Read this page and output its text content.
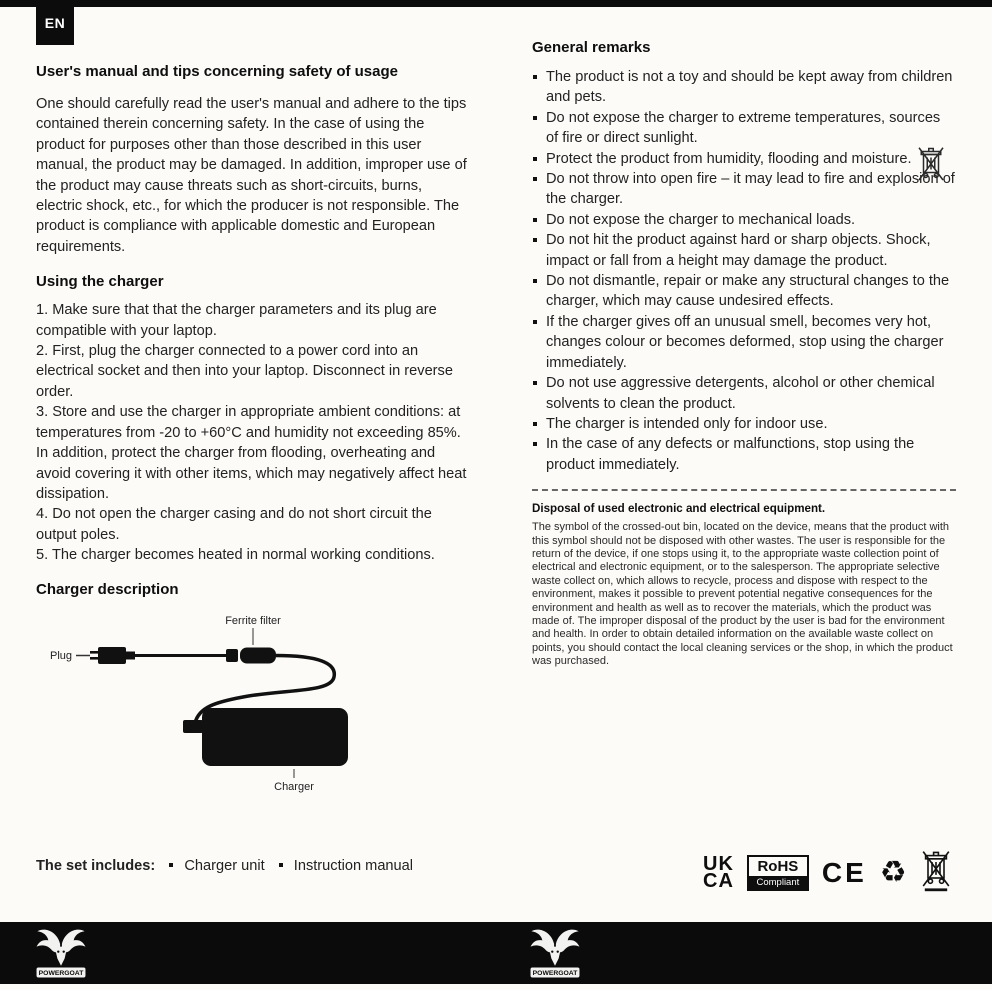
EN
User's manual and tips concerning safety of usage

One should carefully read the user's manual and adhere to the tips contained therein concerning safety. In the case of using the product for purposes other than those described in this user manual, the product may be damaged. In addition, improper use of the product may cause threats such as short-circuits, burns, electric shock, etc., for which the producer is not responsible. The product is compliance with applicable domestic and European requirements.

Using the charger
1. Make sure that that the charger parameters and its plug are compatible with your laptop.
2. First, plug the charger connected to a power cord into an electrical socket and then into your laptop. Disconnect in reverse order.
3. Store and use the charger in appropriate ambient conditions: at temperatures from -20 to +60°C and humidity not exceeding 85%. In addition, protect the charger from flooding, overheating and avoid covering it with other items, which may negatively affect heat dissipation.
4. Do not open the charger casing and do not short circuit the output poles.
5. The charger becomes heated in normal working conditions.
Charger description
Ferrite filter
Plug
Charger
General remarks
The product is not a toy and should be kept away from children and pets.
Do not expose the charger to extreme temperatures, sources of fire or direct sunlight.
Protect the product from humidity, flooding and moisture.
Do not throw into open fire – it may lead to fire and explosion of the charger.
Do not expose the charger to mechanical loads.
Do not hit the product against hard or sharp objects. Shock, impact or fall from a height may damage the product.
Do not dismantle, repair or make any structural changes to the charger, which may cause undesired effects.
If the charger gives off an unusual smell, becomes very hot, changes colour or becomes deformed, stop using the charger immediately.
Do not use aggressive detergents, alcohol or other chemical solvents to clean the product.
The charger is intended only for indoor use.
In the case of any defects or malfunctions, stop using the product immediately.
Disposal of used electronic and electrical equipment.

The symbol of the crossed-out bin, located on the device, means that the product with this symbol should not be disposed with other wastes. The user is responsible for the return of the device, if one stops using it, to the appropriate waste collection point of electrical and electronic equipment, or to the salesperson. The appropriate selective waste collect on, which allows to recycle, process and dispose with respect to the environment, makes it possible to prevent potential negative consequences for the environment and health as well as to recover the materials, which the product was made of. The improper disposal of the product by the user is bad for the environment and health. In order to obtain detailed information on the available waste collect on points, you should contact the local cleaning services or the shop, in which the product was purchased.

The set includes: Charger unit Instruction manual	UK
CA
RoHS
Compliant CE ♻
POWERGOAT	POWERGOAT
